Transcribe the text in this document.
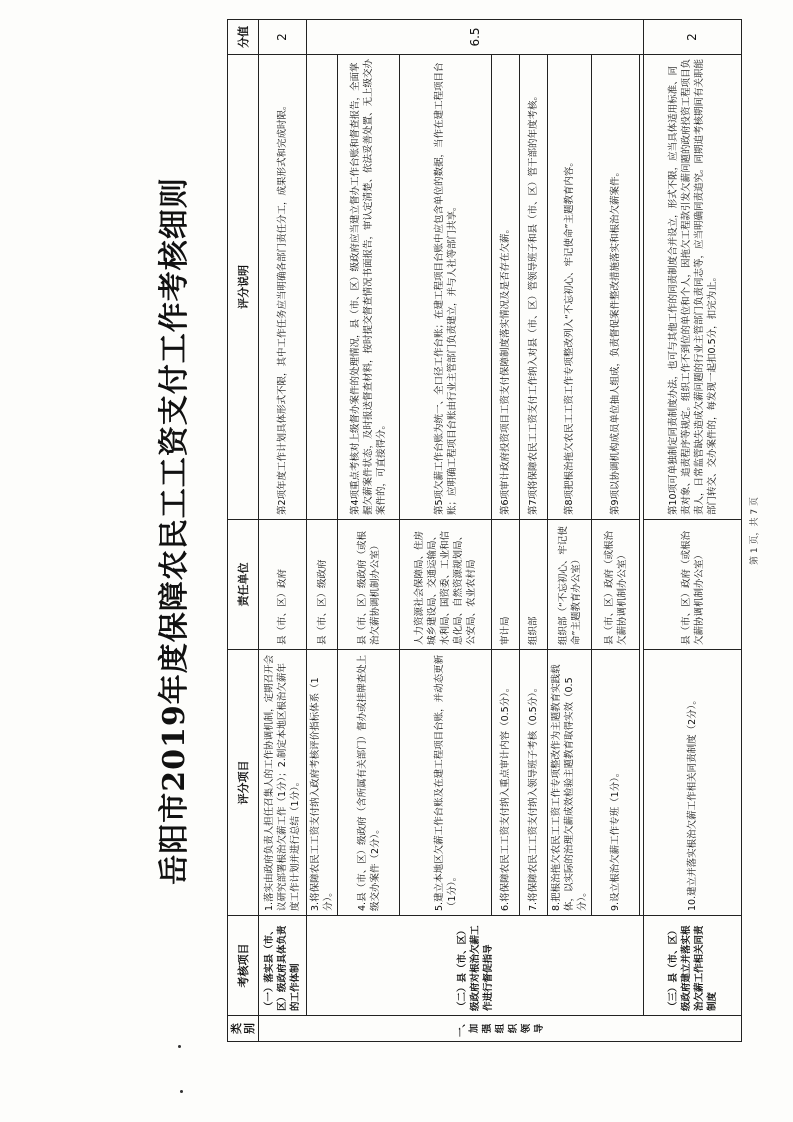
岳阳市2019年度保障农民工工资支付工作考核细则
类别	考核项目	评分项目	责任单位	评分说明	分值
一、加强组织领导	（一）落实县（市、区）级政府具体负责的工作体制	1.落实由政府负责人担任召集人的工作协调机制，定期召开会议研究部署根治欠薪工作（1分）；2.制定本地区根治欠薪年度工作计划并进行总结（1分）。	县（市、区）政府	第2项年度工作计划具体形式不限，其中工作任务应当明确各部门责任分工，成果形式和完成时限。	2
	（二）县（市、区）级政府对根治欠薪工作进行督促指导	3.将保障农民工工资支付纳入政府考核评价指标体系（1分）。	县（市、区）级政府		6.5
		4.县（市、区）级政府（含所属有关部门）督办或挂牌查处上级交办案件（2分）。	县（市、区）级政府（或根治欠薪协调机制办公室）	第4项重点考核对上级督办案件的处理情况，县（市、区）级政府应当建立督办工作台账和督查报告，全面掌握欠薪案件状态，及时报送督查材料，按时提交督查情况书面报告，审认定清楚、依法妥善处置、无上级交办案件的，可直接得分。	
		5.建立本地区欠薪工作台账及在建工程项目台账，并动态更新（1分）。	人力资源社会保障局、住房城乡建设局、交通运输局、水利局、国资委、工业和信息化局、自然资源规划局、公安局、农业农村局	第5项欠薪工作台账为统一、全口径工作台账；在建工程项目台账中应包含单位的数据，当作在建工程项目台账；应明确工程项目台账由行业主管部门负责建立，并与人社等部门共享。	
		6.将保障农民工工资支付纳入重点审计内容（0.5分）。	审计局	第6项审计政府投资项目工资支付保障制度落实情况及是否存在欠薪。	
		7.将保障农民工工资支付纳入领导班子考核（0.5分）。	组织部	第7项将保障农民工工资支付工作纳入对县（市、区）管领导班子和县（市、区）管干部的年度考核。	
		8.把根治拖欠农民工工资工作专项整改作为主题教育实践载体，以实际的治理欠薪成效检验主题教育取得实效（0.5分）。	组织部（“不忘初心、牢记使命”主题教育办公室）	第8项把根治拖欠农民工工资工作专项整改列入“不忘初心、牢记使命”主题教育内容。	
		9.设立根治欠薪工作专班（1分）。	县（市、区）政府（或根治欠薪协调机制办公室）	第9项以协调机构成员单位抽人组成，负责督促案件整改措施落实和根治欠薪案件。	

	（三）县（市、区）级政府建立并落实根治欠薪工作相关同责制度	10.建立并落实根治欠薪工作相关同责制度（2分）。	县（市、区）政府（或根治欠薪协调机制办公室）	第10项可单独制定同责制度办法，也可与其他工作的同责制度合并设立，形式不限，应当具体适用标准、同责对象、追责程序等规定。组织工作不到位的单位和个人，因拖欠工程款引发欠薪问题的政府投资工程项目负责人，日常监管缺失造成欠薪问题的行业主管部门负责同志等，应当明确同责追究。同期追考核期间有关职能部门转交、交办案件的，每发现一起扣0.5分，扣完为止。	2
第 1 页，共 7 页
